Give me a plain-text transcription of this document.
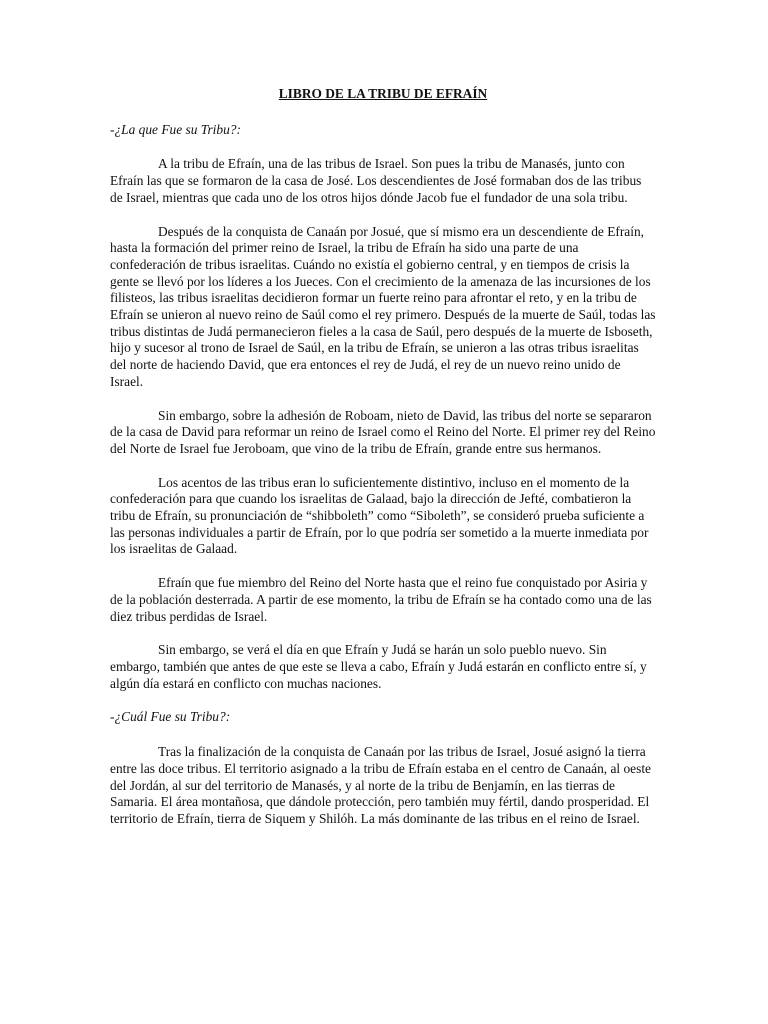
LIBRO DE LA TRIBU DE EFRAÍN
-¿La que Fue su Tribu?:

A la tribu de Efraín, una de las tribus de Israel. Son pues la tribu de Manasés, junto con Efraín las que se formaron de la casa de José. Los descendientes de José formaban dos de las tribus de Israel, mientras que cada uno de los otros hijos dónde Jacob fue el fundador de una sola tribu.

Después de la conquista de Canaán por Josué, que sí mismo era un descendiente de Efraín, hasta la formación del primer reino de Israel, la tribu de Efraín ha sido una parte de una confederación de tribus israelitas. Cuándo no existía el gobierno central, y en tiempos de crisis la gente se llevó por los líderes a los Jueces. Con el crecimiento de la amenaza de las incursiones de los filisteos, las tribus israelitas decidieron formar un fuerte reino para afrontar el reto, y en la tribu de Efraín se unieron al nuevo reino de Saúl como el rey primero. Después de la muerte de Saúl, todas las tribus distintas de Judá permanecieron fieles a la casa de Saúl, pero después de la muerte de Isboseth, hijo y sucesor al trono de Israel de Saúl, en la tribu de Efraín, se unieron a las otras tribus israelitas del norte de haciendo David, que era entonces el rey de Judá, el rey de un nuevo reino unido de Israel.

Sin embargo, sobre la adhesión de Roboam, nieto de David, las tribus del norte se separaron de la casa de David para reformar un reino de Israel como el Reino del Norte. El primer rey del Reino del Norte de Israel fue Jeroboam, que vino de la tribu de Efraín, grande entre sus hermanos.

Los acentos de las tribus eran lo suficientemente distintivo, incluso en el momento de la confederación para que cuando los israelitas de Galaad, bajo la dirección de Jefté, combatieron la tribu de Efraín, su pronunciación de “shibboleth” como “Siboleth”, se consideró prueba suficiente a las personas individuales a partir de Efraín, por lo que podría ser sometido a la muerte inmediata por los israelitas de Galaad.

Efraín que fue miembro del Reino del Norte hasta que el reino fue conquistado por Asiria y de la población desterrada. A partir de ese momento, la tribu de Efraín se ha contado como una de las diez tribus perdidas de Israel.

Sin embargo, se verá el día en que Efraín y Judá se harán un solo pueblo nuevo. Sin embargo, también que antes de que este se lleva a cabo, Efraín y Judá estarán en conflicto entre sí, y algún día estará en conflicto con muchas naciones.

-¿Cuál Fue su Tribu?:

Tras la finalización de la conquista de Canaán por las tribus de Israel, Josué asignó la tierra entre las doce tribus. El territorio asignado a la tribu de Efraín estaba en el centro de Canaán, al oeste del Jordán, al sur del territorio de Manasés, y al norte de la tribu de Benjamín, en las tierras de Samaria. El área montañosa, que dándole protección, pero también muy fértil, dando prosperidad. El territorio de Efraín, tierra de Siquem y Shilóh. La más dominante de las tribus en el reino de Israel.
